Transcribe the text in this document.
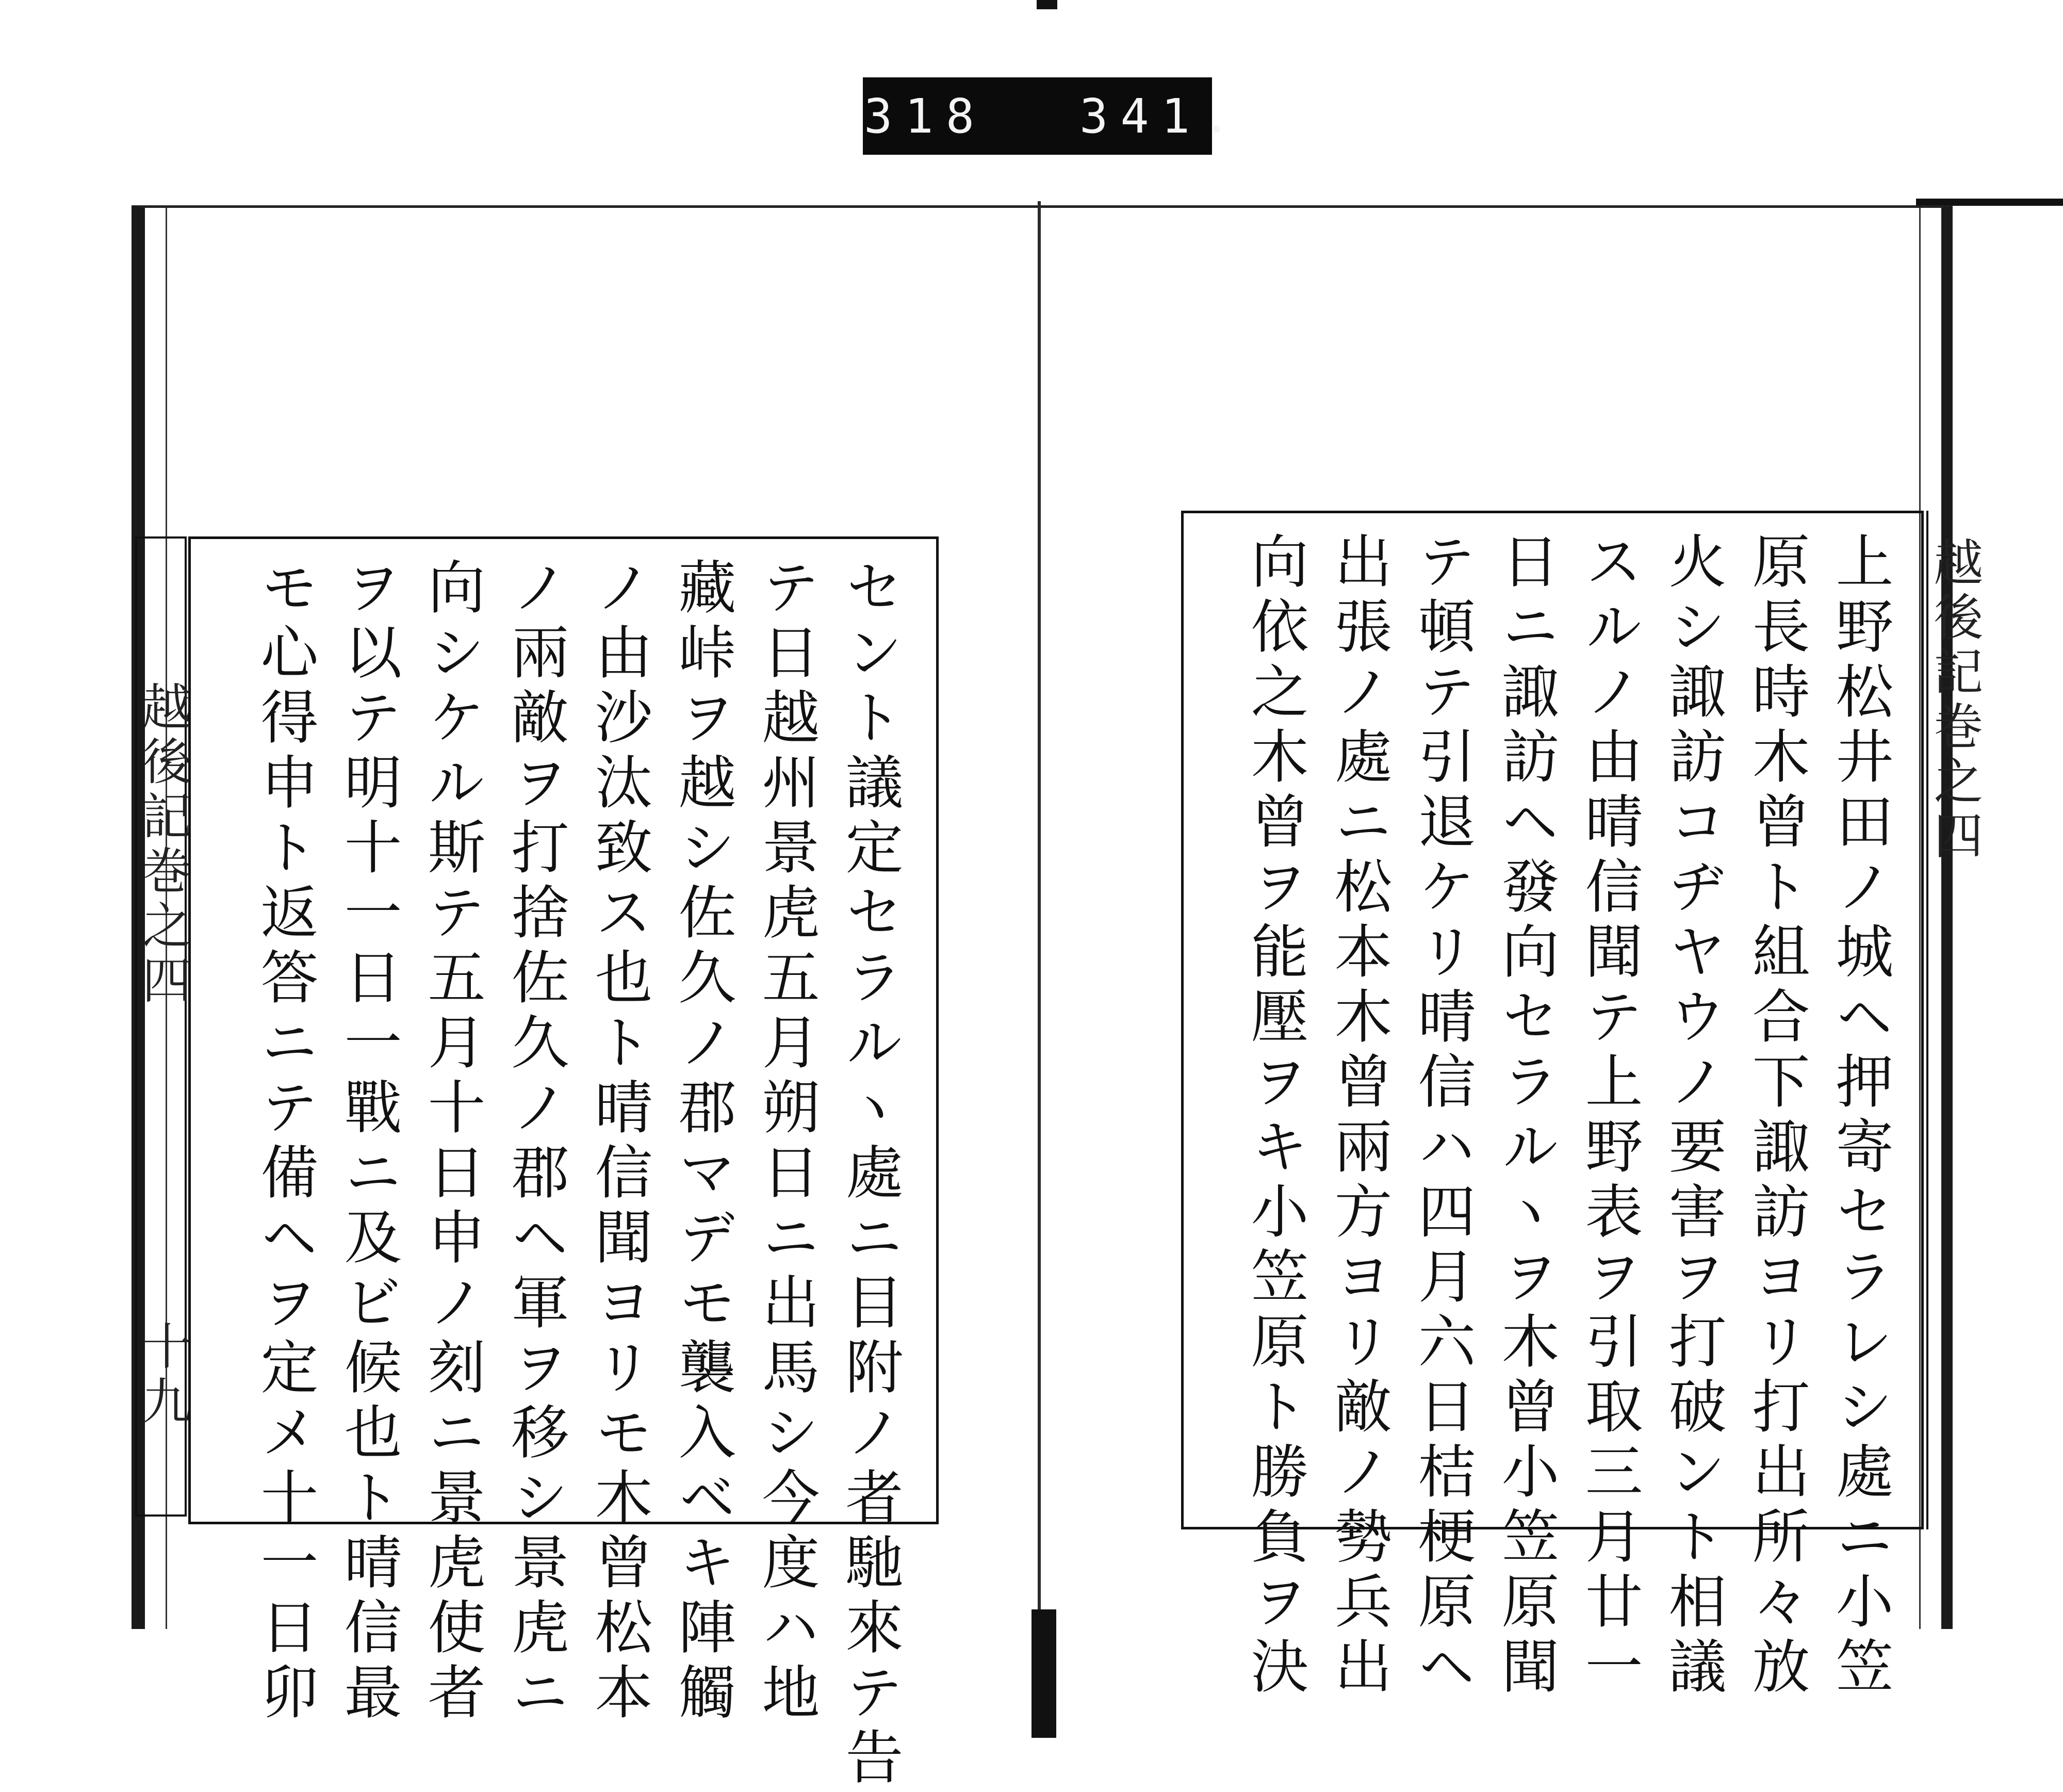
318 341.
越後記巻之四
十九
越後記巻之四
セント議定セラルヽ處ニ目附ノ者馳來テ告
テ日越州景虎五月朔日ニ出馬シ今度ハ地
藏峠ヲ越シ佐久ノ郡マデモ襲入ベキ陣觸
ノ由沙汰致ス也ト晴信聞ヨリモ木曾松本
ノ兩敵ヲ打捨佐久ノ郡ヘ軍ヲ移シ景虎ニ
向シケル斯テ五月十日申ノ刻ニ景虎使者
ヲ以テ明十一日一戰ニ及ビ候也ト晴信最
モ心得申ト返答ニテ備ヘヲ定メ十一日卯	上野松井田ノ城ヘ押寄セラレシ處ニ小笠
原長時木曾ト組合下諏訪ヨリ打出所々放
火シ諏訪コヂヤウノ要害ヲ打破ント相議
スルノ由晴信聞テ上野表ヲ引取三月廿一
日ニ諏訪ヘ發向セラルヽヲ木曾小笠原聞
テ頓テ引退ケリ晴信ハ四月六日桔梗原ヘ
出張ノ處ニ松本木曾兩方ヨリ敵ノ勢兵出
向依之木曾ヲ能壓ヲキ小笠原ト勝負ヲ決
